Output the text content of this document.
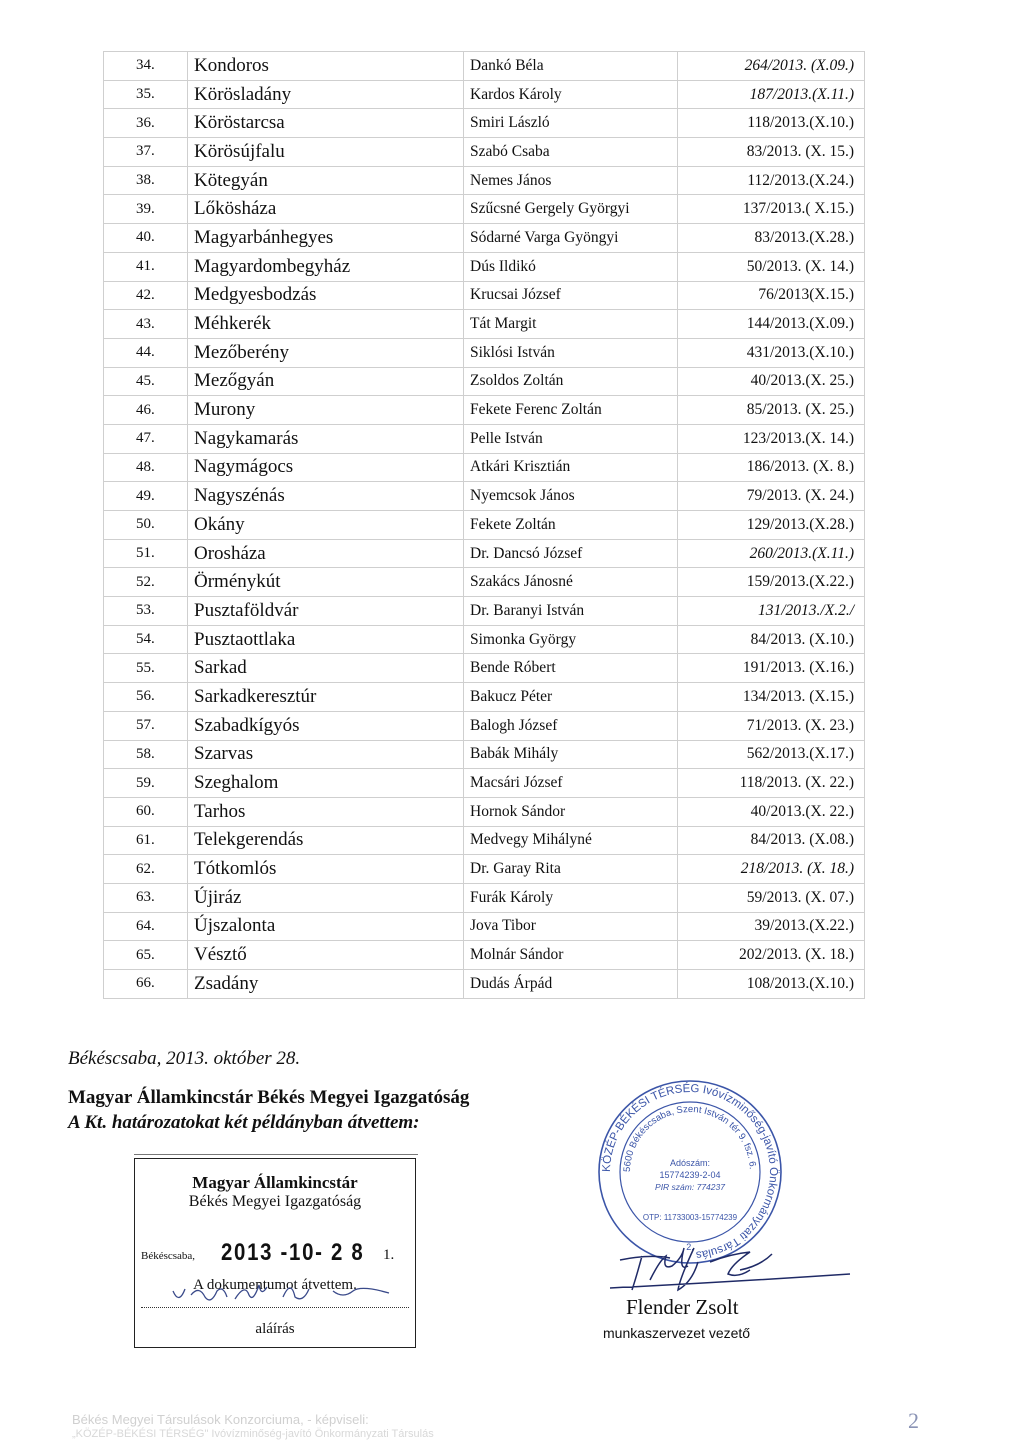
34.	Kondoros	Dankó Béla	264/2013. (X.09.)
35.	Körösladány	Kardos Károly	187/2013.(X.11.)
36.	Köröstarcsa	Smiri László	118/2013.(X.10.)
37.	Körösújfalu	Szabó Csaba	83/2013. (X. 15.)
38.	Kötegyán	Nemes János	112/2013.(X.24.)
39.	Lőkösháza	Szűcsné Gergely Györgyi	137/2013.( X.15.)
40.	Magyarbánhegyes	Sódarné Varga Gyöngyi	83/2013.(X.28.)
41.	Magyardombegyház	Dús Ildikó	50/2013. (X. 14.)
42.	Medgyesbodzás	Krucsai József	76/2013(X.15.)
43.	Méhkerék	Tát Margit	144/2013.(X.09.)
44.	Mezőberény	Siklósi István	431/2013.(X.10.)
45.	Mezőgyán	Zsoldos Zoltán	40/2013.(X. 25.)
46.	Murony	Fekete Ferenc Zoltán	85/2013. (X. 25.)
47.	Nagykamarás	Pelle István	123/2013.(X. 14.)
48.	Nagymágocs	Atkári Krisztián	186/2013. (X. 8.)
49.	Nagyszénás	Nyemcsok János	79/2013. (X. 24.)
50.	Okány	Fekete Zoltán	129/2013.(X.28.)
51.	Orosháza	Dr. Dancsó József	260/2013.(X.11.)
52.	Örménykút	Szakács Jánosné	159/2013.(X.22.)
53.	Pusztaföldvár	Dr. Baranyi István	131/2013./X.2./
54.	Pusztaottlaka	Simonka György	84/2013. (X.10.)
55.	Sarkad	Bende Róbert	191/2013. (X.16.)
56.	Sarkadkeresztúr	Bakucz Péter	134/2013. (X.15.)
57.	Szabadkígyós	Balogh József	71/2013. (X. 23.)
58.	Szarvas	Babák Mihály	562/2013.(X.17.)
59.	Szeghalom	Macsári József	118/2013. (X. 22.)
60.	Tarhos	Hornok Sándor	40/2013.(X. 22.)
61.	Telekgerendás	Medvegy Mihályné	84/2013. (X.08.)
62.	Tótkomlós	Dr. Garay Rita	218/2013. (X. 18.)
63.	Újiráz	Furák Károly	59/2013. (X. 07.)
64.	Újszalonta	Jova Tibor	39/2013.(X.22.)
65.	Vésztő	Molnár Sándor	202/2013. (X. 18.)
66.	Zsadány	Dudás Árpád	108/2013.(X.10.)
Békéscsaba, 2013. október 28.
Magyar Államkincstár Békés Megyei Igazgatóság
A Kt. határozatokat két példányban átvettem:
Magyar Államkincstár
Békés Megyei Igazgatóság
Békéscsaba, 2013 -10- 2 8 1.
A dokumentumot átvettem.
aláírás
KÖZÉP-BÉKÉSI TÉRSÉG Ivóvízminőség-javító Önkormányzati Társulás
5600 Békéscsaba, Szent István tér 9. fsz. 6.
Adószám:
15774239-2-04
PIR szám: 774237
OTP: 11733003-15774239
2.
Flender Zsolt
munkaszervezet vezető
Békés Megyei Társulások Konzorciuma, - képviseli:
„KÖZÉP-BÉKÉSI TÉRSÉG" Ivóvízminőség-javító Önkormányzati Társulás
2
